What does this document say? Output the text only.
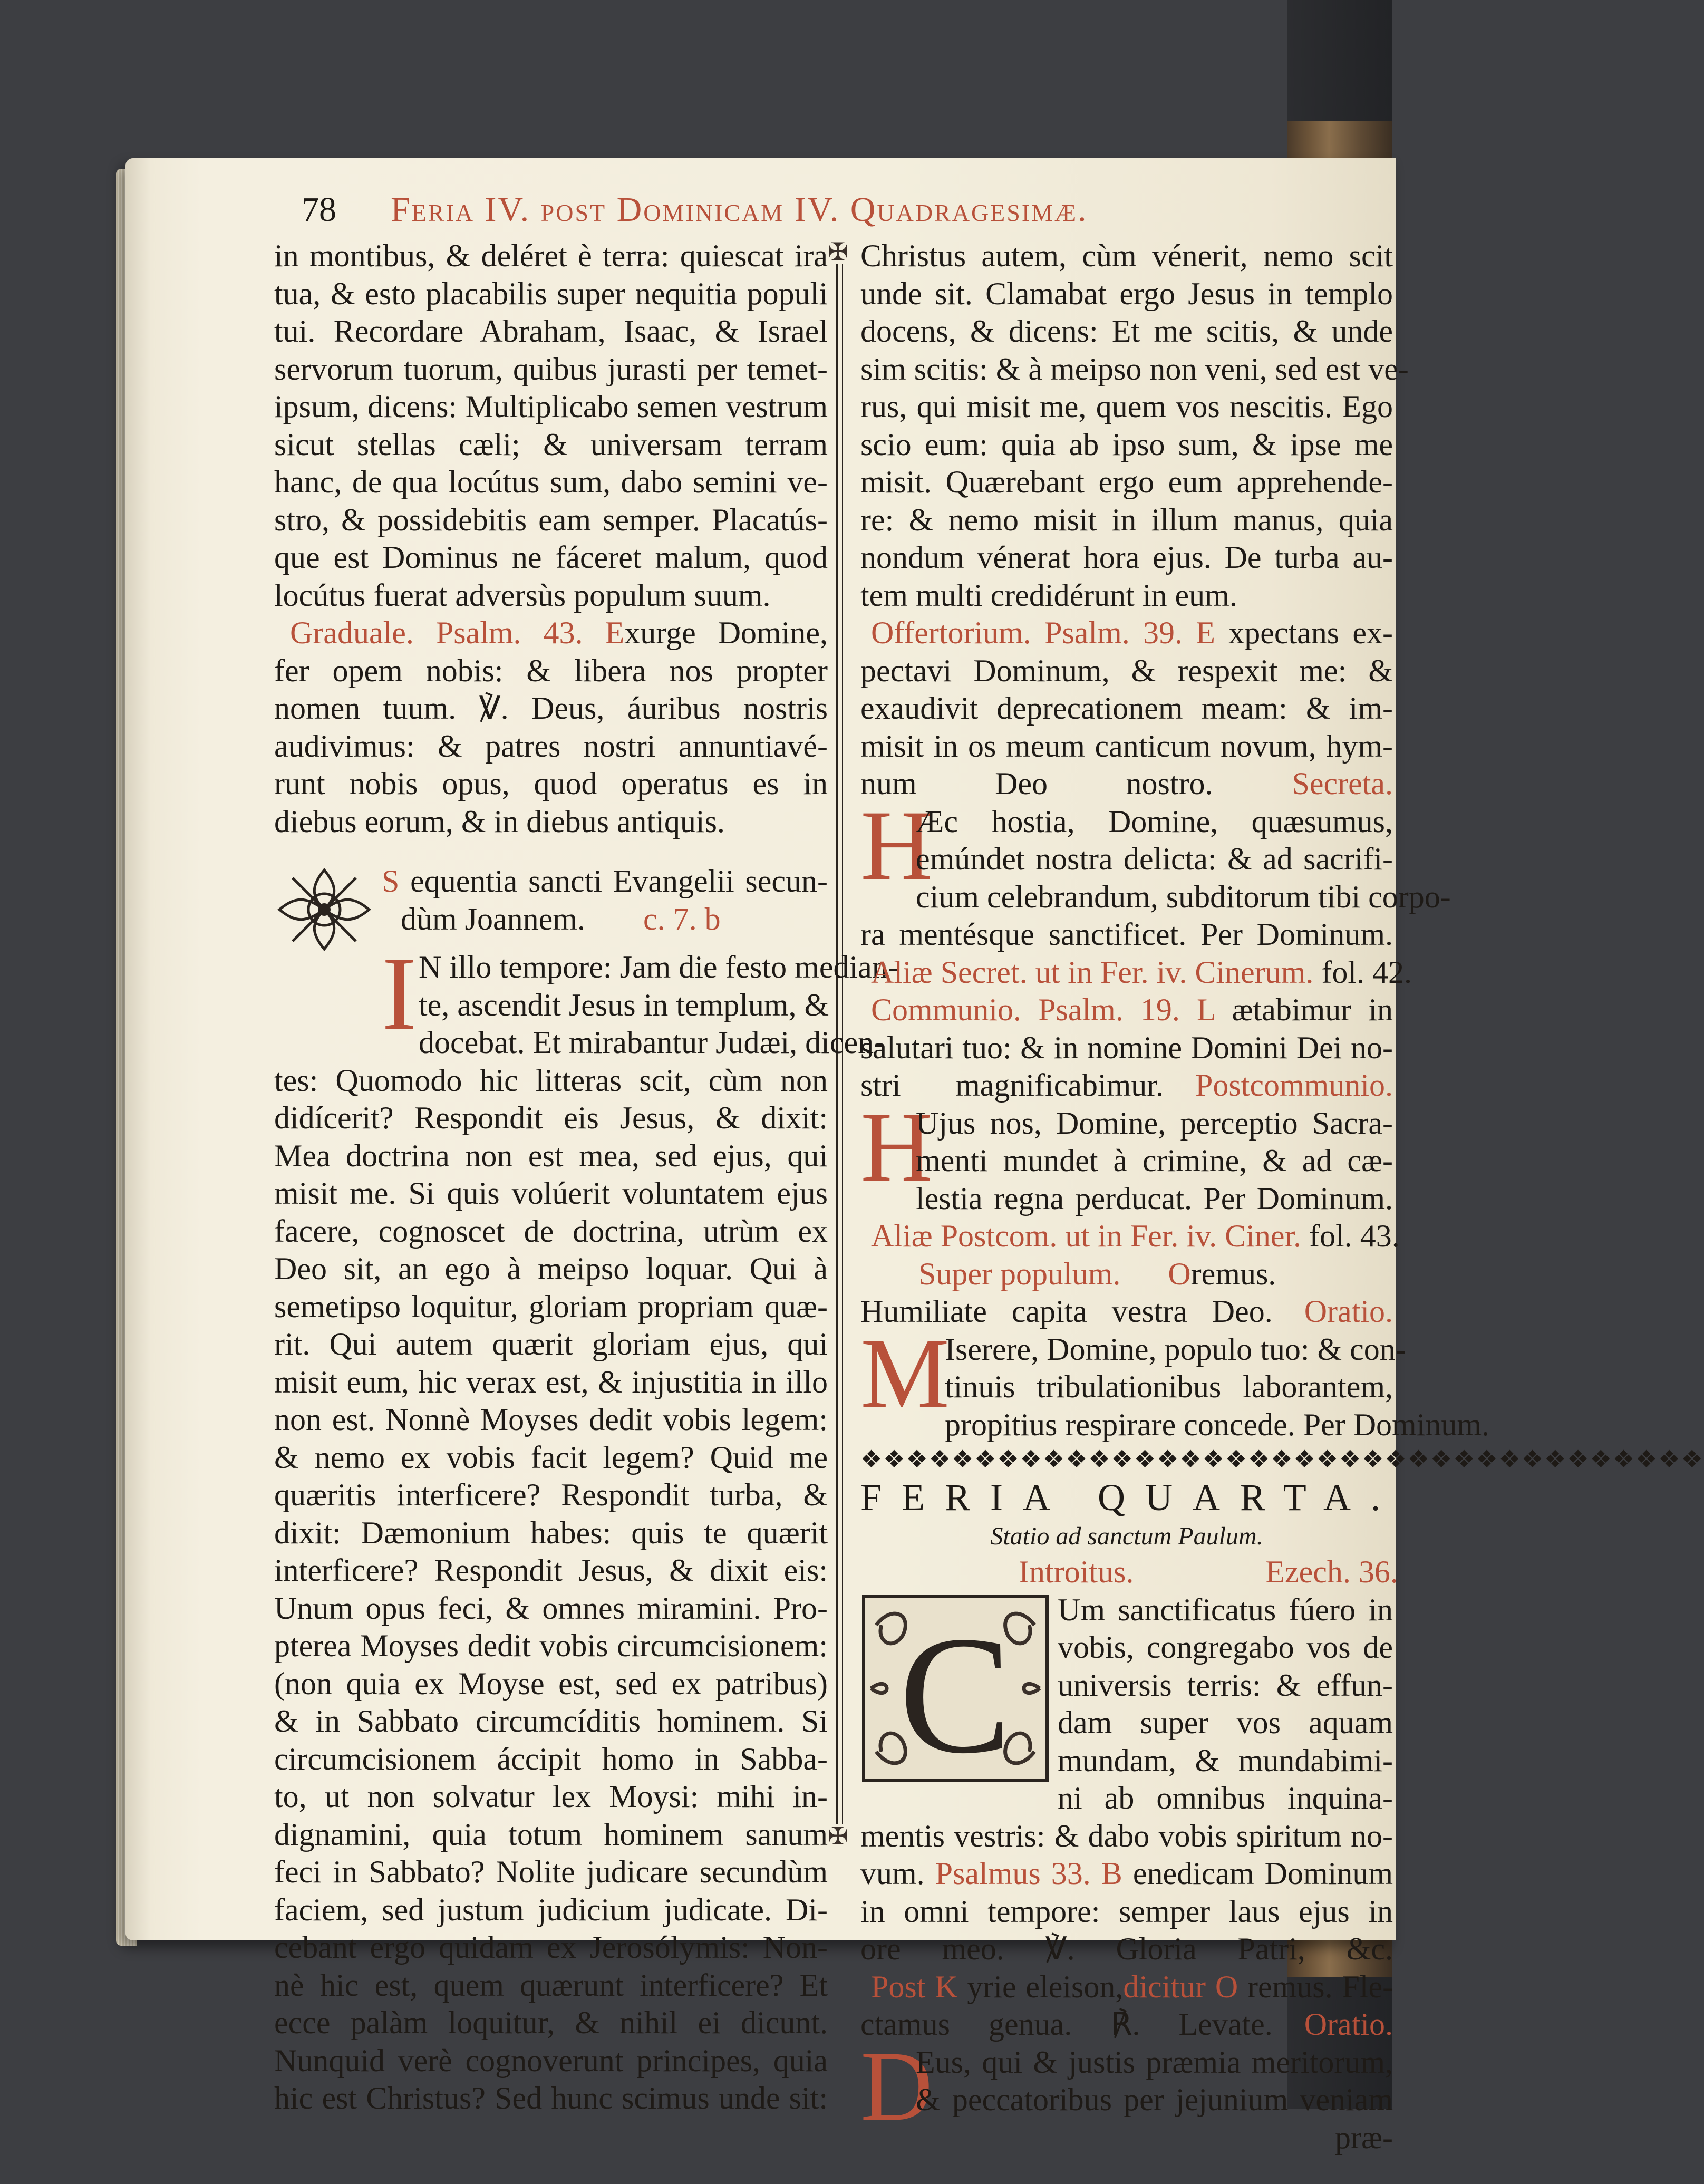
78 Feria IV. post Dominicam IV. Quadragesimæ.
✠
✠
in montibus, & deléret è terra: quiescat ira
tua, & esto placabilis super nequitia populi
tui. Recordare Abraham, Isaac, & Israel
servorum tuorum, quibus jurasti per temet-
ipsum, dicens: Multiplicabo semen vestrum
sicut stellas cæli; & universam terram
hanc, de qua locútus sum, dabo semini ve-
stro, & possidebitis eam semper. Placatús-
que est Dominus ne fáceret malum, quod
locútus fuerat adversùs populum suum.
Graduale. Psalm. 43. Exurge Domine,
fer opem nobis: & libera nos propter
nomen tuum. ℣. Deus, áuribus nostris
audivimus: & patres nostri annuntiavé-
runt nobis opus, quod operatus es in
diebus eorum, & in diebus antiquis.
S equentia sancti Evangelii secun-
dùm Joannem. c. 7. b
I N illo tempore: Jam die festo median-
te, ascendit Jesus in templum, &
docebat. Et mirabantur Judæi, dicen-
tes: Quomodo hic litteras scit, cùm non
didícerit? Respondit eis Jesus, & dixit:
Mea doctrina non est mea, sed ejus, qui
misit me. Si quis volúerit voluntatem ejus
facere, cognoscet de doctrina, utrùm ex
Deo sit, an ego à meipso loquar. Qui à
semetipso loquitur, gloriam propriam quæ-
rit. Qui autem quærit gloriam ejus, qui
misit eum, hic verax est, & injustitia in illo
non est. Nonnè Moyses dedit vobis legem:
& nemo ex vobis facit legem? Quid me
quæritis interficere? Respondit turba, &
dixit: Dæmonium habes: quis te quærit
interficere? Respondit Jesus, & dixit eis:
Unum opus feci, & omnes miramini. Pro-
pterea Moyses dedit vobis circumcisionem:
(non quia ex Moyse est, sed ex patribus)
& in Sabbato circumcíditis hominem. Si
circumcisionem áccipit homo in Sabba-
to, ut non solvatur lex Moysi: mihi in-
dignamini, quia totum hominem sanum
feci in Sabbato? Nolite judicare secundùm
faciem, sed justum judicium judicate. Di-
cebant ergo quidam ex Jerosólymis: Non-
nè hic est, quem quærunt interficere? Et
ecce palàm loquitur, & nihil ei dicunt.
Nunquid verè cognoverunt principes, quia
hic est Christus? Sed hunc scimus unde sit:
Christus autem, cùm vénerit, nemo scit
unde sit. Clamabat ergo Jesus in templo
docens, & dicens: Et me scitis, & unde
sim scitis: & à meipso non veni, sed est ve-
rus, qui misit me, quem vos nescitis. Ego
scio eum: quia ab ipso sum, & ipse me
misit. Quærebant ergo eum apprehende-
re: & nemo misit in illum manus, quia
nondum vénerat hora ejus. De turba au-
tem multi credidérunt in eum.
Offertorium. Psalm. 39. E xpectans ex-
pectavi Dominum, & respexit me: &
exaudivit deprecationem meam: & im-
misit in os meum canticum novum, hym-
num Deo nostro.	Secreta.
H
Æc hostia, Domine, quæsumus,
emúndet nostra delicta: & ad sacrifi-
cium celebrandum, subditorum tibi corpo-
ra mentésque sanctificet. Per Dominum.
Aliæ Secret. ut in Fer. iv. Cinerum. fol. 42.
Communio. Psalm. 19. L ætabimur in
salutari tuo: & in nomine Domini Dei no-
stri magnificabimur. Postcommunio.
H
Ujus nos, Domine, perceptio Sacra-
menti mundet à crimine, & ad cæ-
lestia regna perducat. Per Dominum.
Aliæ Postcom. ut in Fer. iv. Ciner. fol. 43.
Super populum. Oremus.
Humiliate capita vestra Deo. Oratio.
M
Iserere, Domine, populo tuo: & con-
tinuis tribulationibus laborantem,
propitius respirare concede. Per Dominum.
❖❖❖❖❖❖❖❖❖❖❖❖❖❖❖❖❖❖❖❖❖❖❖❖❖❖❖❖❖❖❖❖❖❖❖❖❖
FERIA QUARTA.
Statio ad sanctum Paulum.
Introitus.	Ezech. 36.
C	Um sanctificatus fúero in
vobis, congregabo vos de
universis terris: & effun-
dam super vos aquam
mundam, & mundabimi-
ni ab omnibus inquina-
mentis vestris: & dabo vobis spiritum no-
vum. Psalmus 33. B enedicam Dominum
in omni tempore: semper laus ejus in
ore meo. ℣. Gloria Patri, &c.
Post K yrie eleison,dicitur O remus. Fle-
ctamus genua. ℟. Levate. Oratio.
D
Eus, qui & justis præmia meritorum,
& peccatoribus per jejunium veniam
præ-
